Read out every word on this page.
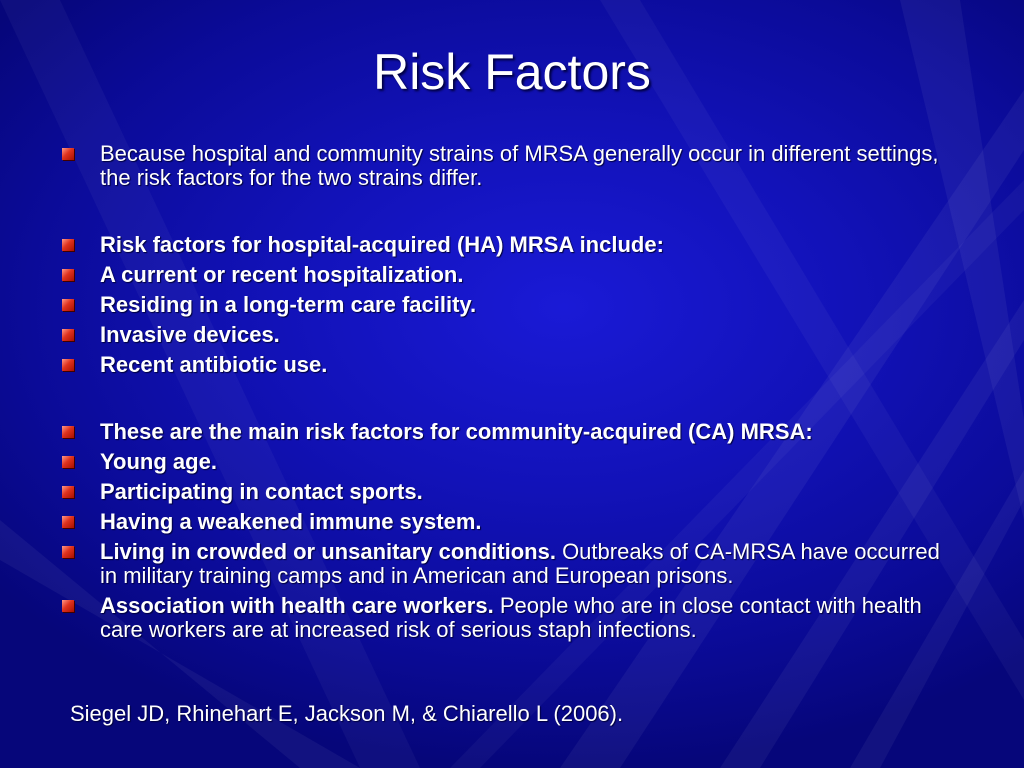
Risk Factors
Because hospital and community strains of MRSA generally occur in different settings, the risk factors for the two strains differ.
Risk factors for hospital-acquired (HA) MRSA include:
A current or recent hospitalization.
Residing in a long-term care facility.
Invasive devices.
Recent antibiotic use.
These are the main risk factors for community-acquired (CA) MRSA:
Young age.
Participating in contact sports.
Having a weakened immune system.
Living in crowded or unsanitary conditions. Outbreaks of CA-MRSA have occurred in military training camps and in American and European prisons.
Association with health care workers. People who are in close contact with health care workers are at increased risk of serious staph infections.
Siegel JD, Rhinehart E, Jackson M, & Chiarello L (2006).
